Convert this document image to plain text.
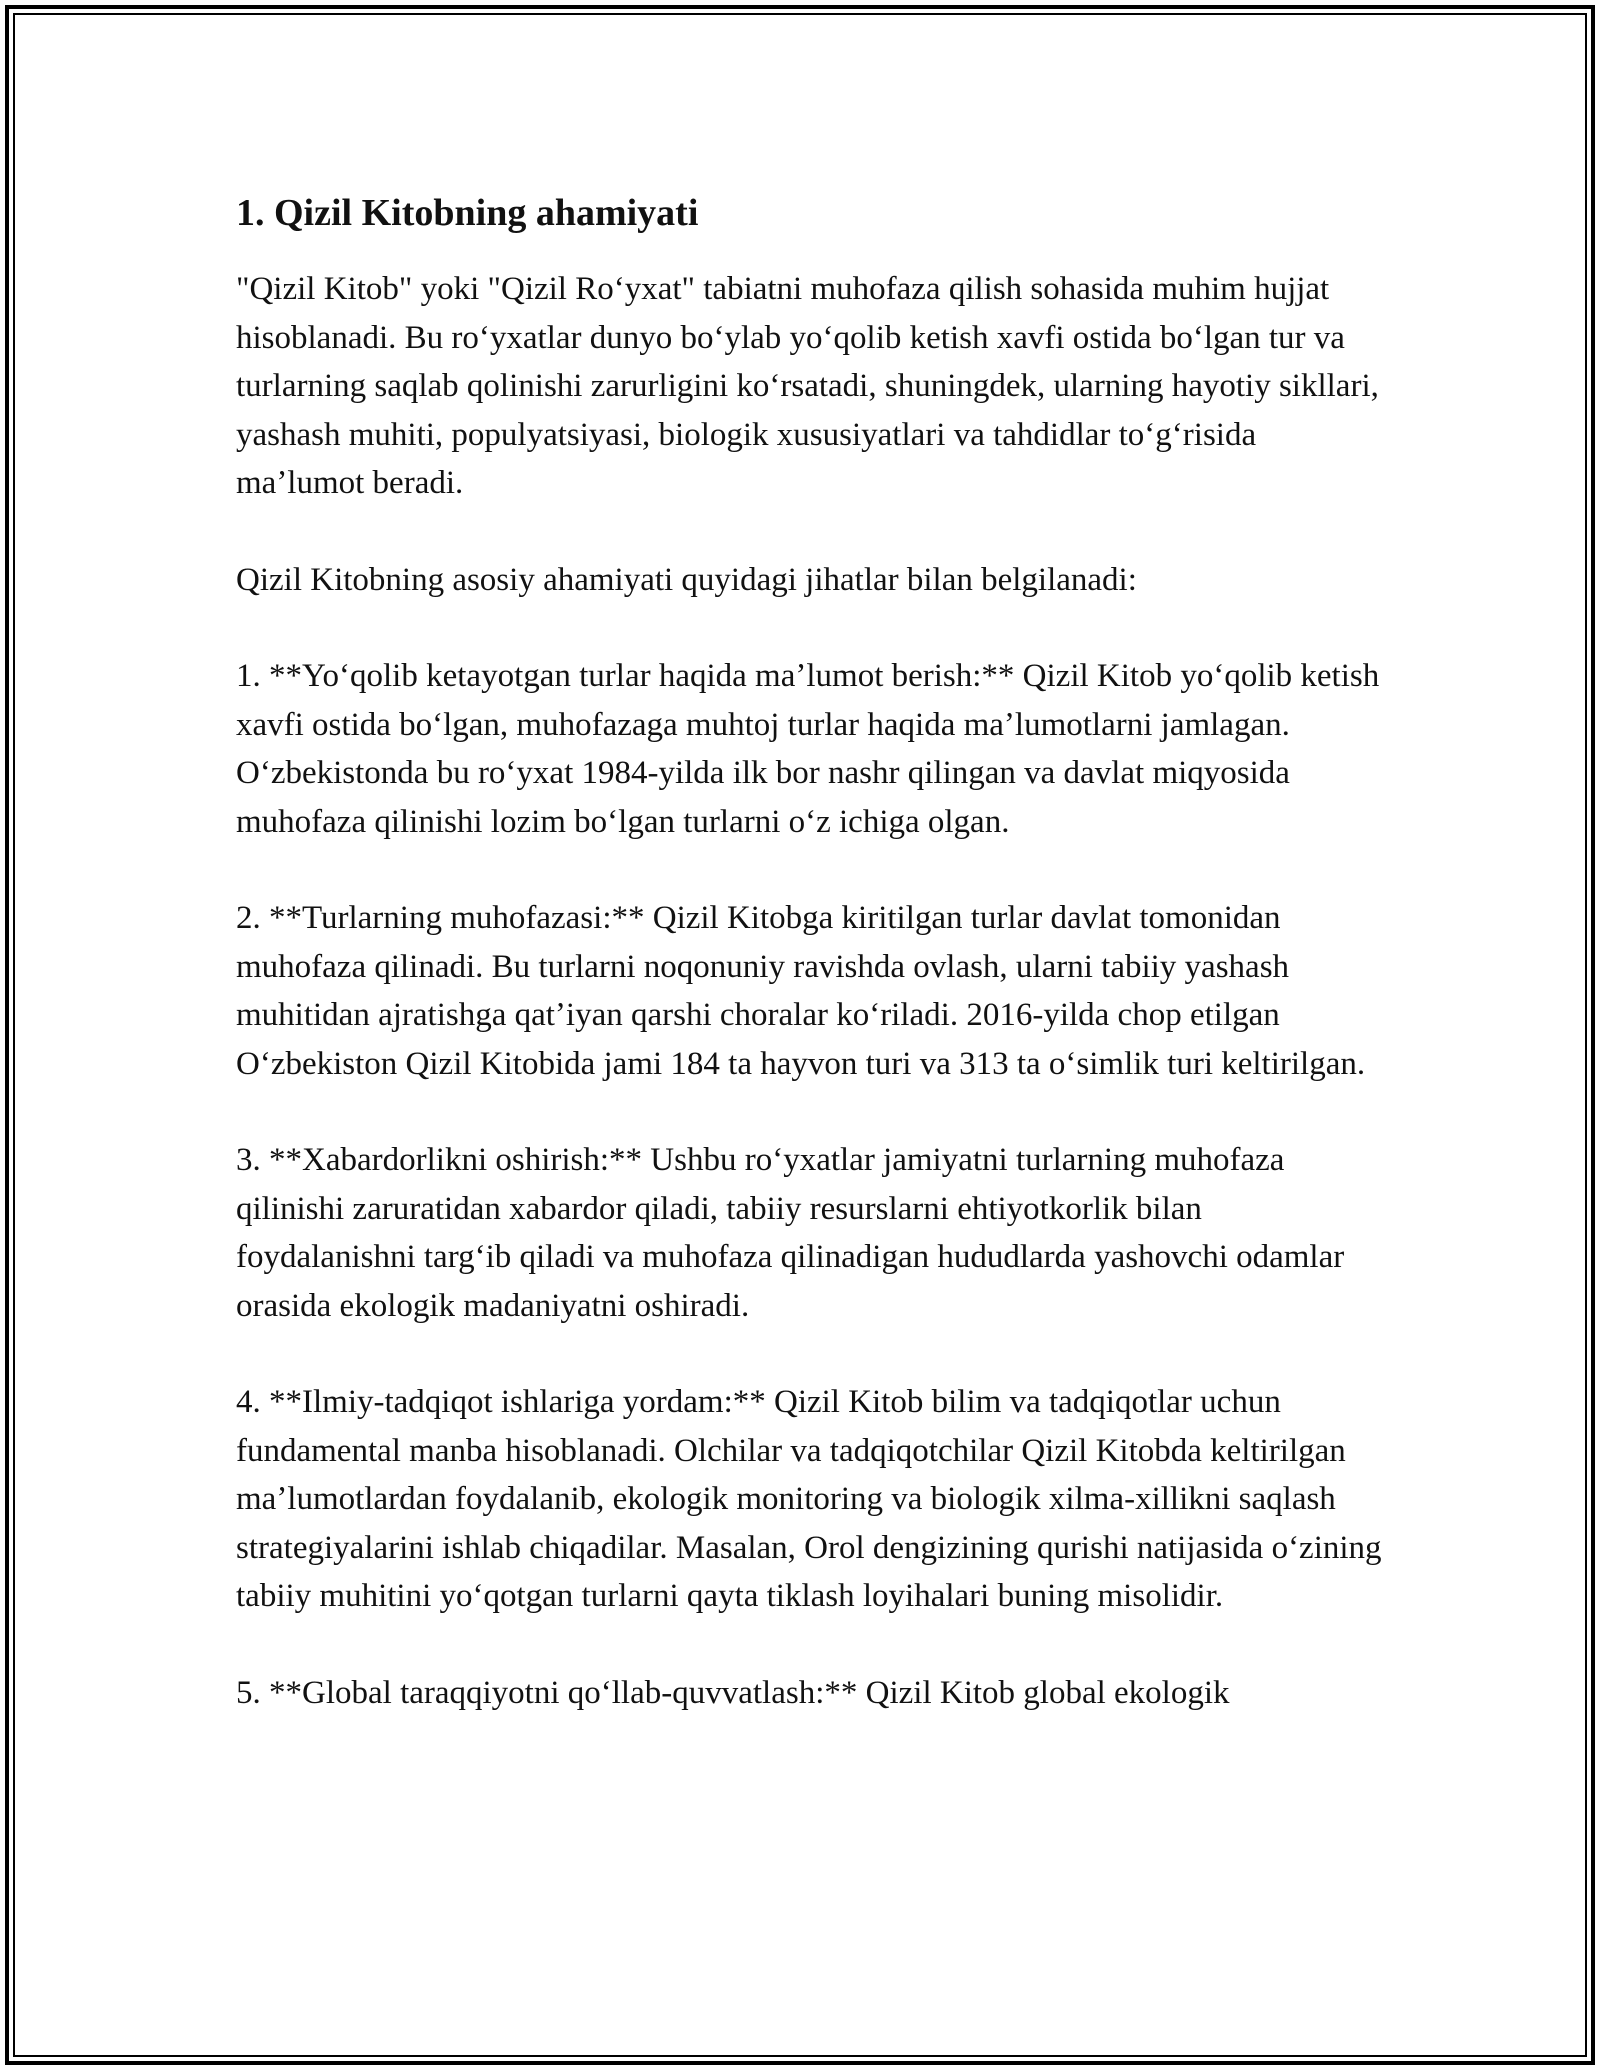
1. Qizil Kitobning ahamiyati

"Qizil Kitob" yoki "Qizil Roʻyxat" tabiatni muhofaza qilish sohasida muhim hujjat hisoblanadi. Bu roʻyxatlar dunyo boʻylab yoʻqolib ketish xavfi ostida boʻlgan tur va turlarning saqlab qolinishi zarurligini koʻrsatadi, shuningdek, ularning hayotiy sikllari, yashash muhiti, populyatsiyasi, biologik xususiyatlari va tahdidlar toʻgʻrisida maʼlumot beradi.

Qizil Kitobning asosiy ahamiyati quyidagi jihatlar bilan belgilanadi:

1. **Yoʻqolib ketayotgan turlar haqida maʼlumot berish:** Qizil Kitob yoʻqolib ketish xavfi ostida boʻlgan, muhofazaga muhtoj turlar haqida maʼlumotlarni jamlagan. Oʻzbekistonda bu roʻyxat 1984-yilda ilk bor nashr qilingan va davlat miqyosida muhofaza qilinishi lozim boʻlgan turlarni oʻz ichiga olgan.

2. **Turlarning muhofazasi:** Qizil Kitobga kiritilgan turlar davlat tomonidan muhofaza qilinadi. Bu turlarni noqonuniy ravishda ovlash, ularni tabiiy yashash muhitidan ajratishga qatʼiyan qarshi choralar koʻriladi. 2016-yilda chop etilgan Oʻzbekiston Qizil Kitobida jami 184 ta hayvon turi va 313 ta oʻsimlik turi keltirilgan.

3. **Xabardorlikni oshirish:** Ushbu roʻyxatlar jamiyatni turlarning muhofaza qilinishi zaruratidan xabardor qiladi, tabiiy resurslarni ehtiyotkorlik bilan foydalanishni targʻib qiladi va muhofaza qilinadigan hududlarda yashovchi odamlar orasida ekologik madaniyatni oshiradi.

4. **Ilmiy-tadqiqot ishlariga yordam:** Qizil Kitob bilim va tadqiqotlar uchun fundamental manba hisoblanadi. Olchilar va tadqiqotchilar Qizil Kitobda keltirilgan maʼlumotlardan foydalanib, ekologik monitoring va biologik xilma-xillikni saqlash strategiyalarini ishlab chiqadilar. Masalan, Orol dengizining qurishi natijasida oʻzining tabiiy muhitini yoʻqotgan turlarni qayta tiklash loyihalari buning misolidir.

5. **Global taraqqiyotni qoʻllab-quvvatlash:** Qizil Kitob global ekologik
